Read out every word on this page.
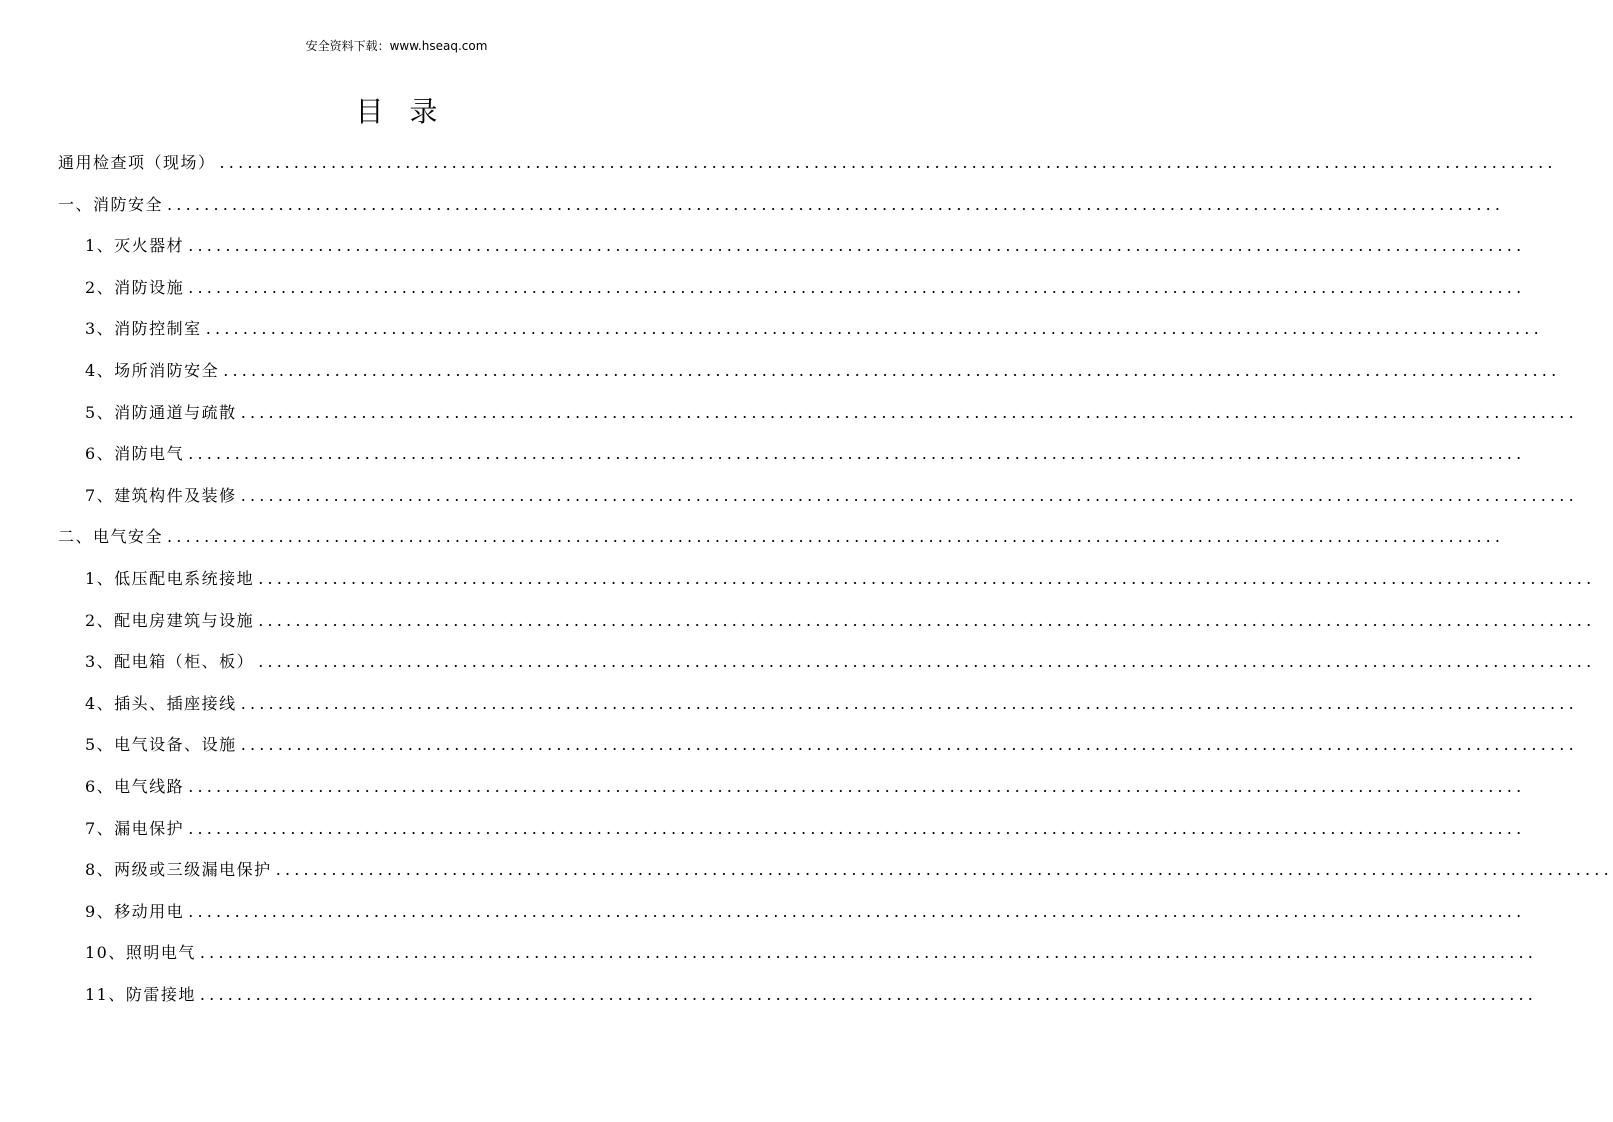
安全资料下载：www.hseaq.com
目录
通用检查项（现场） ................................................................................................................................................
一、消防安全 ................................................................................................................................................
1、灭火器材 ................................................................................................................................................
2、消防设施 ................................................................................................................................................
3、消防控制室 ................................................................................................................................................
4、场所消防安全 ................................................................................................................................................
5、消防通道与疏散 ................................................................................................................................................
6、消防电气 ................................................................................................................................................
7、建筑构件及装修 ................................................................................................................................................
二、电气安全 ................................................................................................................................................
1、低压配电系统接地 ................................................................................................................................................
2、配电房建筑与设施 ................................................................................................................................................
3、配电箱（柜、板） ................................................................................................................................................
4、插头、插座接线 ................................................................................................................................................
5、电气设备、设施 ................................................................................................................................................
6、电气线路 ................................................................................................................................................
7、漏电保护 ................................................................................................................................................
8、两级或三级漏电保护 ................................................................................................................................................
9、移动用电 ................................................................................................................................................
10、照明电气 ................................................................................................................................................
11、防雷接地 ................................................................................................................................................
